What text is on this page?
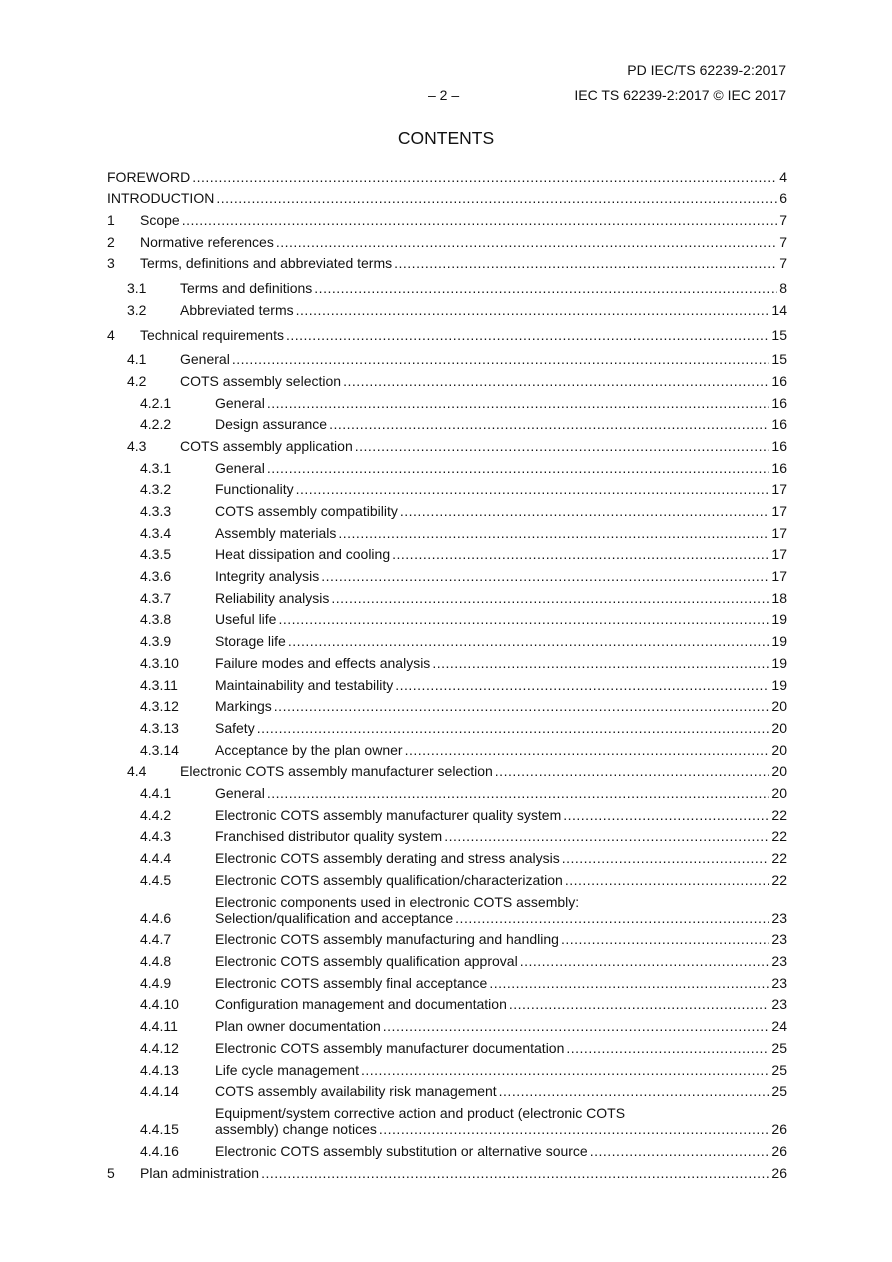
PD IEC/TS 62239-2:2017
– 2 –	IEC TS 62239-2:2017 © IEC 2017
CONTENTS
FOREWORD .....	4
INTRODUCTION .....	6
1	Scope .....	7
2	Normative references .....	7
3	Terms, definitions and abbreviated terms .....	7
3.1	Terms and definitions .....	8
3.2	Abbreviated terms .....	14
4	Technical requirements .....	15
4.1	General .....	15
4.2	COTS assembly selection .....	16
4.2.1	General .....	16
4.2.2	Design assurance .....	16
4.3	COTS assembly application .....	16
4.3.1	General .....	16
4.3.2	Functionality .....	17
4.3.3	COTS assembly compatibility .....	17
4.3.4	Assembly materials .....	17
4.3.5	Heat dissipation and cooling .....	17
4.3.6	Integrity analysis .....	17
4.3.7	Reliability analysis .....	18
4.3.8	Useful life .....	19
4.3.9	Storage life .....	19
4.3.10	Failure modes and effects analysis .....	19
4.3.11	Maintainability and testability .....	19
4.3.12	Markings .....	20
4.3.13	Safety .....	20
4.3.14	Acceptance by the plan owner .....	20
4.4	Electronic COTS assembly manufacturer selection .....	20
4.4.1	General .....	20
4.4.2	Electronic COTS assembly manufacturer quality system .....	22
4.4.3	Franchised distributor quality system .....	22
4.4.4	Electronic COTS assembly derating and stress analysis .....	22
4.4.5	Electronic COTS assembly qualification/characterization .....	22
4.4.6
Electronic components used in electronic COTS assembly:
Selection/qualification and acceptance .....	23
4.4.7	Electronic COTS assembly manufacturing and handling .....	23
4.4.8	Electronic COTS assembly qualification approval .....	23
4.4.9	Electronic COTS assembly final acceptance .....	23
4.4.10	Configuration management and documentation .....	23
4.4.11	Plan owner documentation .....	24
4.4.12	Electronic COTS assembly manufacturer documentation .....	25
4.4.13	Life cycle management .....	25
4.4.14	COTS assembly availability risk management .....	25
4.4.15
Equipment/system corrective action and product (electronic COTS
assembly) change notices .....	26
4.4.16	Electronic COTS assembly substitution or alternative source .....	26
5	Plan administration .....	26
